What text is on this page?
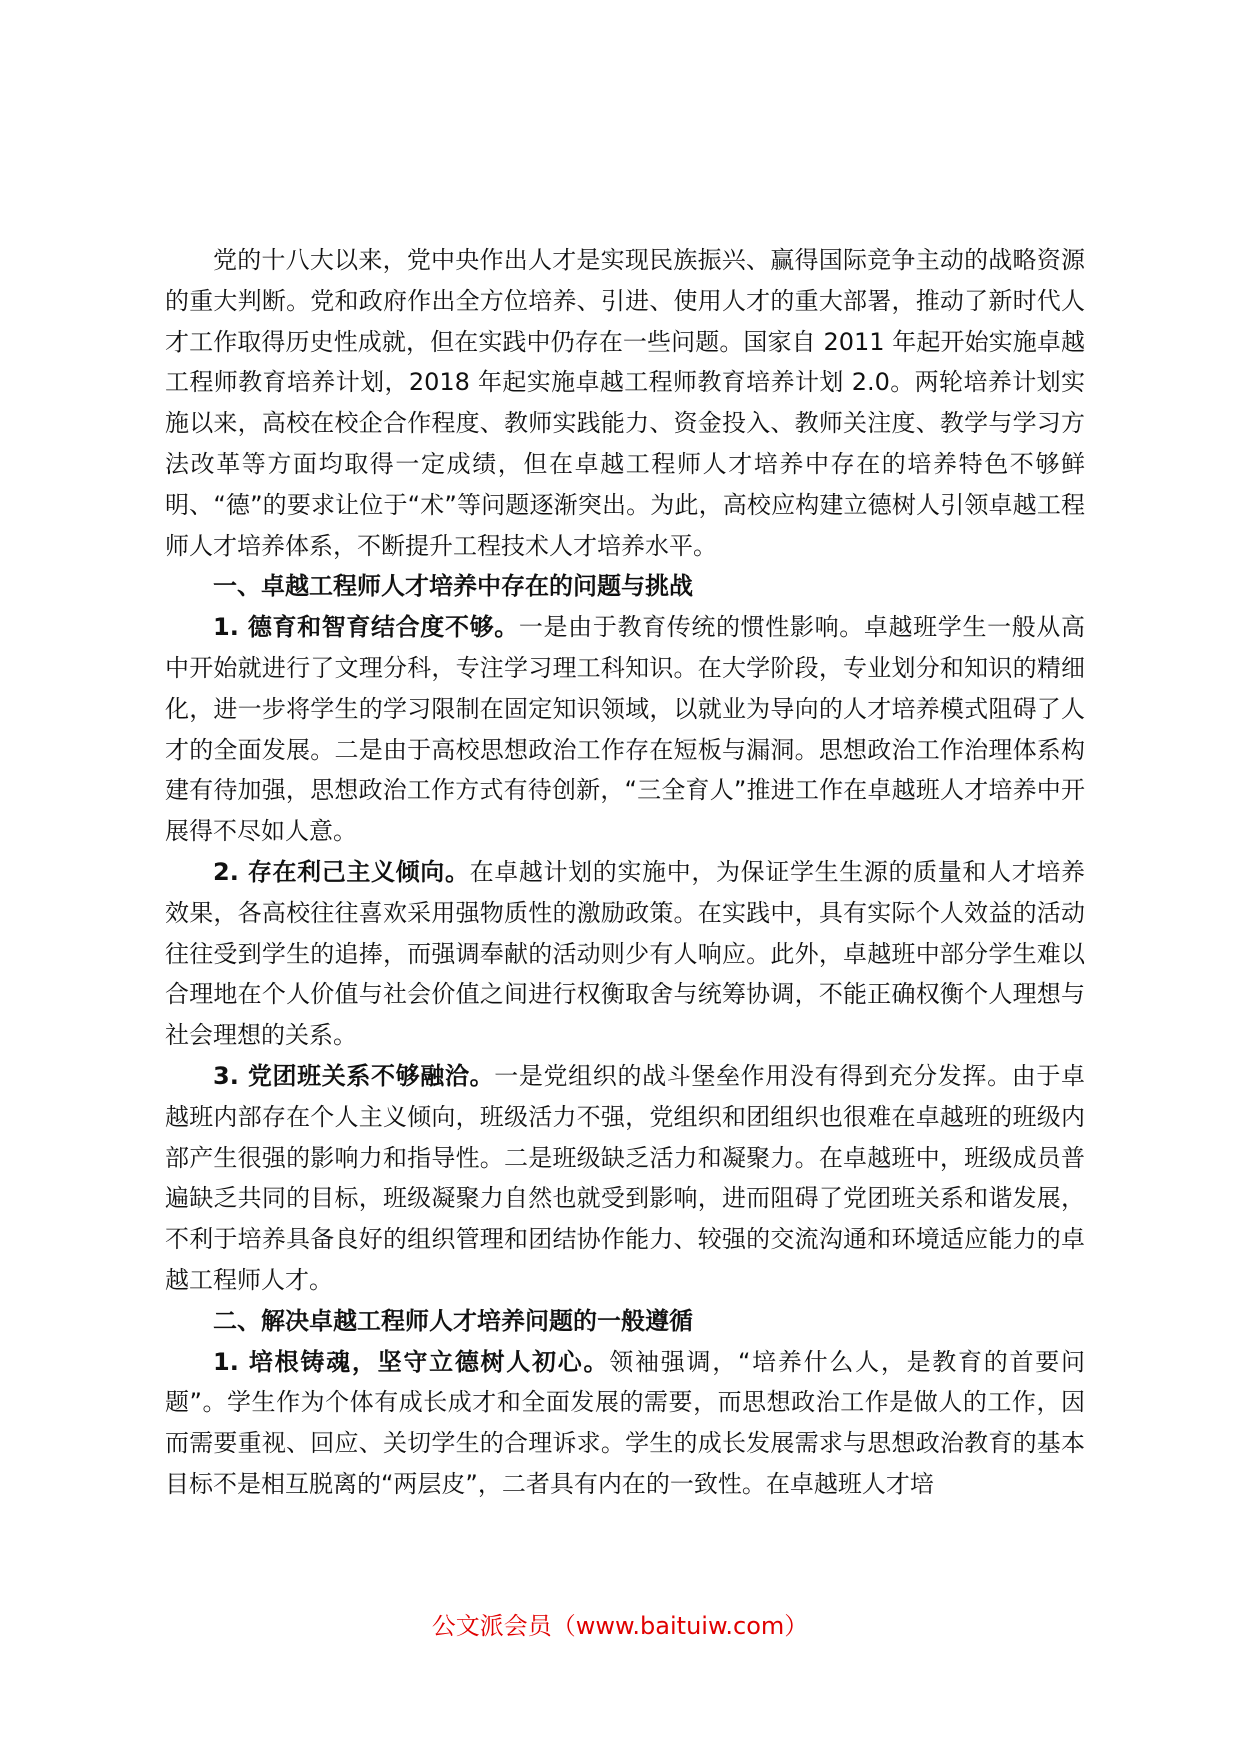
党的十八大以来，党中央作出人才是实现民族振兴、赢得国际竞争主动的战略资源的重大判断。党和政府作出全方位培养、引进、使用人才的重大部署，推动了新时代人才工作取得历史性成就，但在实践中仍存在一些问题。国家自 2011 年起开始实施卓越工程师教育培养计划，2018 年起实施卓越工程师教育培养计划 2.0。两轮培养计划实施以来，高校在校企合作程度、教师实践能力、资金投入、教师关注度、教学与学习方法改革等方面均取得一定成绩，但在卓越工程师人才培养中存在的培养特色不够鲜明、“德”的要求让位于“术”等问题逐渐突出。为此，高校应构建立德树人引领卓越工程师人才培养体系，不断提升工程技术人才培养水平。

一、卓越工程师人才培养中存在的问题与挑战

1. 德育和智育结合度不够。一是由于教育传统的惯性影响。卓越班学生一般从高中开始就进行了文理分科，专注学习理工科知识。在大学阶段，专业划分和知识的精细化，进一步将学生的学习限制在固定知识领域，以就业为导向的人才培养模式阻碍了人才的全面发展。二是由于高校思想政治工作存在短板与漏洞。思想政治工作治理体系构建有待加强，思想政治工作方式有待创新，“三全育人”推进工作在卓越班人才培养中开展得不尽如人意。

2. 存在利己主义倾向。在卓越计划的实施中，为保证学生生源的质量和人才培养效果，各高校往往喜欢采用强物质性的激励政策。在实践中，具有实际个人效益的活动往往受到学生的追捧，而强调奉献的活动则少有人响应。此外，卓越班中部分学生难以合理地在个人价值与社会价值之间进行权衡取舍与统筹协调，不能正确权衡个人理想与社会理想的关系。

3. 党团班关系不够融洽。一是党组织的战斗堡垒作用没有得到充分发挥。由于卓越班内部存在个人主义倾向，班级活力不强，党组织和团组织也很难在卓越班的班级内部产生很强的影响力和指导性。二是班级缺乏活力和凝聚力。在卓越班中，班级成员普遍缺乏共同的目标，班级凝聚力自然也就受到影响，进而阻碍了党团班关系和谐发展，不利于培养具备良好的组织管理和团结协作能力、较强的交流沟通和环境适应能力的卓越工程师人才。

二、解决卓越工程师人才培养问题的一般遵循

1. 培根铸魂，坚守立德树人初心。领袖强调，“培养什么人，是教育的首要问题”。学生作为个体有成长成才和全面发展的需要，而思想政治工作是做人的工作，因而需要重视、回应、关切学生的合理诉求。学生的成长发展需求与思想政治教育的基本目标不是相互脱离的“两层皮”，二者具有内在的一致性。在卓越班人才培

公文派会员（www.baituiw.com）
